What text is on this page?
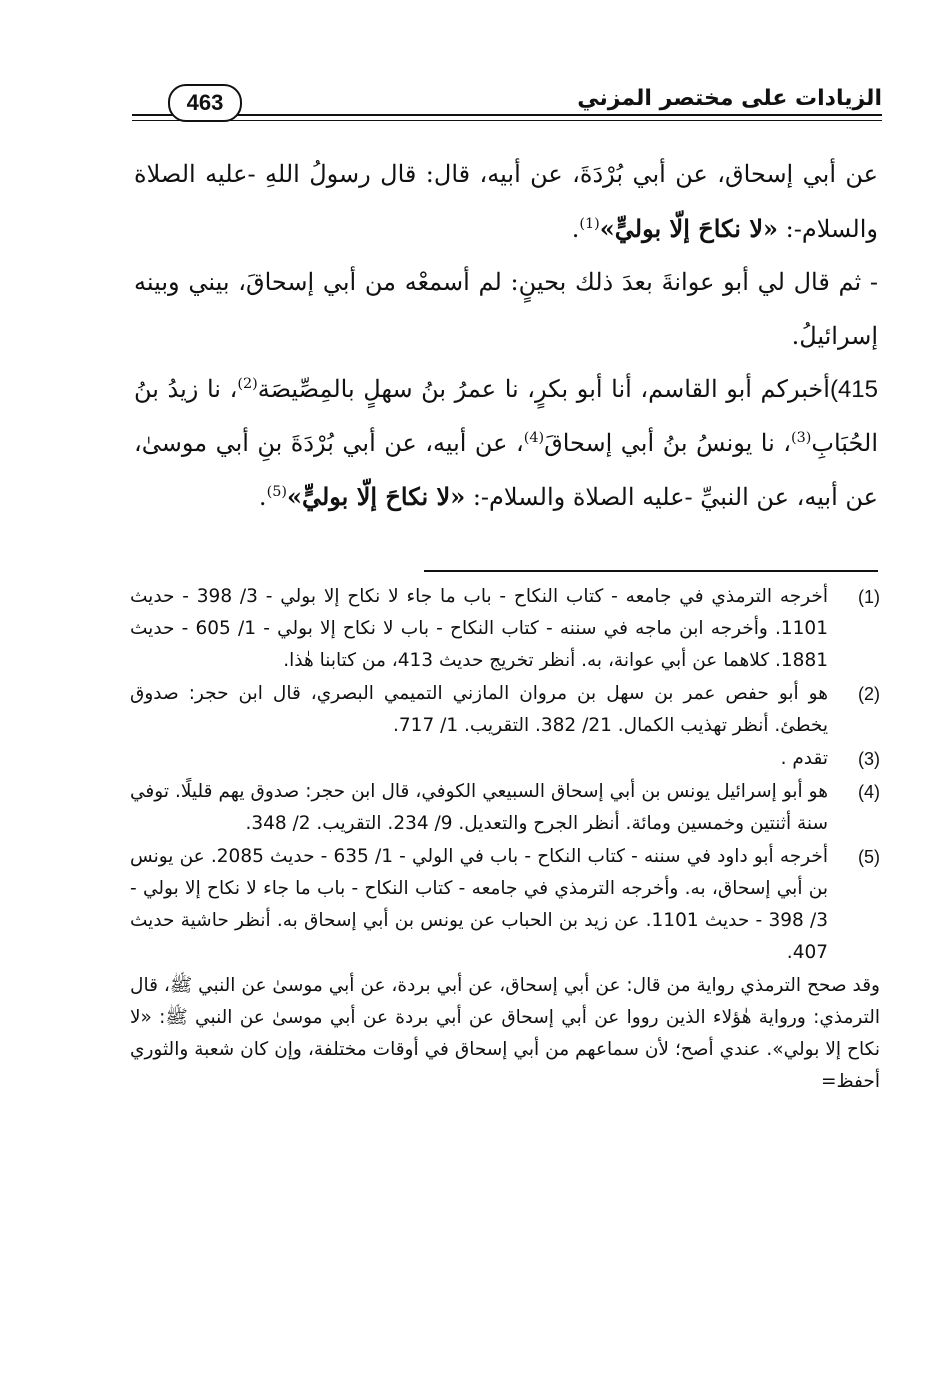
463	الزيادات على مختصر المزني

عن أبي إسحاق، عن أبي بُرْدَةَ، عن أبيه، قال: قال رسولُ اللهِ -عليه الصلاة والسلام-: «لا نكاحَ إلّا بوليٍّ»$^{(1)}$.

- ثم قال لي أبو عوانةَ بعدَ ذلك بحينٍ: لم أسمعْه من أبي إسحاقَ، بيني وبينه إسرائيلُ.

415)أخبركم أبو القاسم، أنا أبو بكرٍ، نا عمرُ بنُ سهلٍ بالمِصِّيصَة$^{(2)}$، نا زيدُ بنُ الحُبَابِ$^{(3)}$، نا يونسُ بنُ أبي إسحاقَ$^{(4)}$، عن أبيه، عن أبي بُرْدَةَ بنِ أبي موسىٰ، عن أبيه، عن النبيِّ -عليه الصلاة والسلام-: «لا نكاحَ إلّا بوليٍّ»$^{(5)}$.

(1)
أخرجه الترمذي في جامعه - كتاب النكاح - باب ما جاء لا نكاح إلا بولي - 3/ 398 - حديث 1101. وأخرجه ابن ماجه في سننه - كتاب النكاح - باب لا نكاح إلا بولي - 1/ 605 - حديث 1881. كلاهما عن أبي عوانة، به. أنظر تخريج حديث 413، من كتابنا هٰذا.

(2)
هو أبو حفص عمر بن سهل بن مروان المازني التميمي البصري، قال ابن حجر: صدوق يخطئ. أنظر تهذيب الكمال. 21/ 382. التقريب. 1/ 717.

(3)
تقدم .

(4)
هو أبو إسرائيل يونس بن أبي إسحاق السبيعي الكوفي، قال ابن حجر: صدوق يهم قليلًا. توفي سنة أثنتين وخمسين ومائة. أنظر الجرح والتعديل. 9/ 234. التقريب. 2/ 348.

(5)
أخرجه أبو داود في سننه - كتاب النكاح - باب في الولي - 1/ 635 - حديث 2085. عن يونس بن أبي إسحاق، به. وأخرجه الترمذي في جامعه - كتاب النكاح - باب ما جاء لا نكاح إلا بولي - 3/ 398 - حديث 1101. عن زيد بن الحباب عن يونس بن أبي إسحاق به. أنظر حاشية حديث 407.

وقد صحح الترمذي رواية من قال: عن أبي إسحاق، عن أبي بردة، عن أبي موسىٰ عن النبي ﷺ، قال الترمذي: ورواية هٰؤلاء الذين رووا عن أبي إسحاق عن أبي بردة عن أبي موسىٰ عن النبي ﷺ: «لا نكاح إلا بولي». عندي أصح؛ لأن سماعهم من أبي إسحاق في أوقات مختلفة، وإن كان شعبة والثوري أحفظ=
